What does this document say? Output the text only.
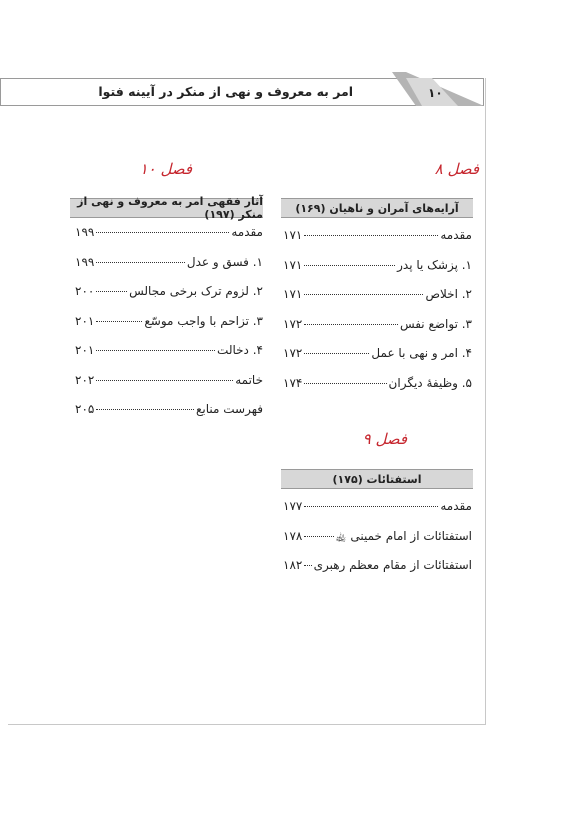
امر به معروف و نهی از منکر در آیینه فتوا	۱۰
فصل ۸
آرایه‌های آمران و ناهیان (۱۶۹)
مقدمه
۱۷۱
۱. پزشک یا پدر
۱۷۱
۲. اخلاص
۱۷۱
۳. تواضع نفس
۱۷۲
۴. امر و نهی با عمل
۱۷۲
۵. وظیفهٔ دیگران
۱۷۴
فصل ۹
استفتائات (۱۷۵)
مقدمه
۱۷۷
استفتائات از امام خمینی ﵀
۱۷۸
استفتائات از مقام معظم رهبری
۱۸۲
فصل ۱۰
آثار فقهی امر به معروف و نهی از منکر (۱۹۷)
مقدمه
۱۹۹
۱. فسق و عدل
۱۹۹
۲. لزوم ترک برخی مجالس
۲۰۰
۳. تزاحم با واجب موسّع
۲۰۱
۴. دخالت
۲۰۱
خاتمه
۲۰۲
فهرست منابع
۲۰۵
